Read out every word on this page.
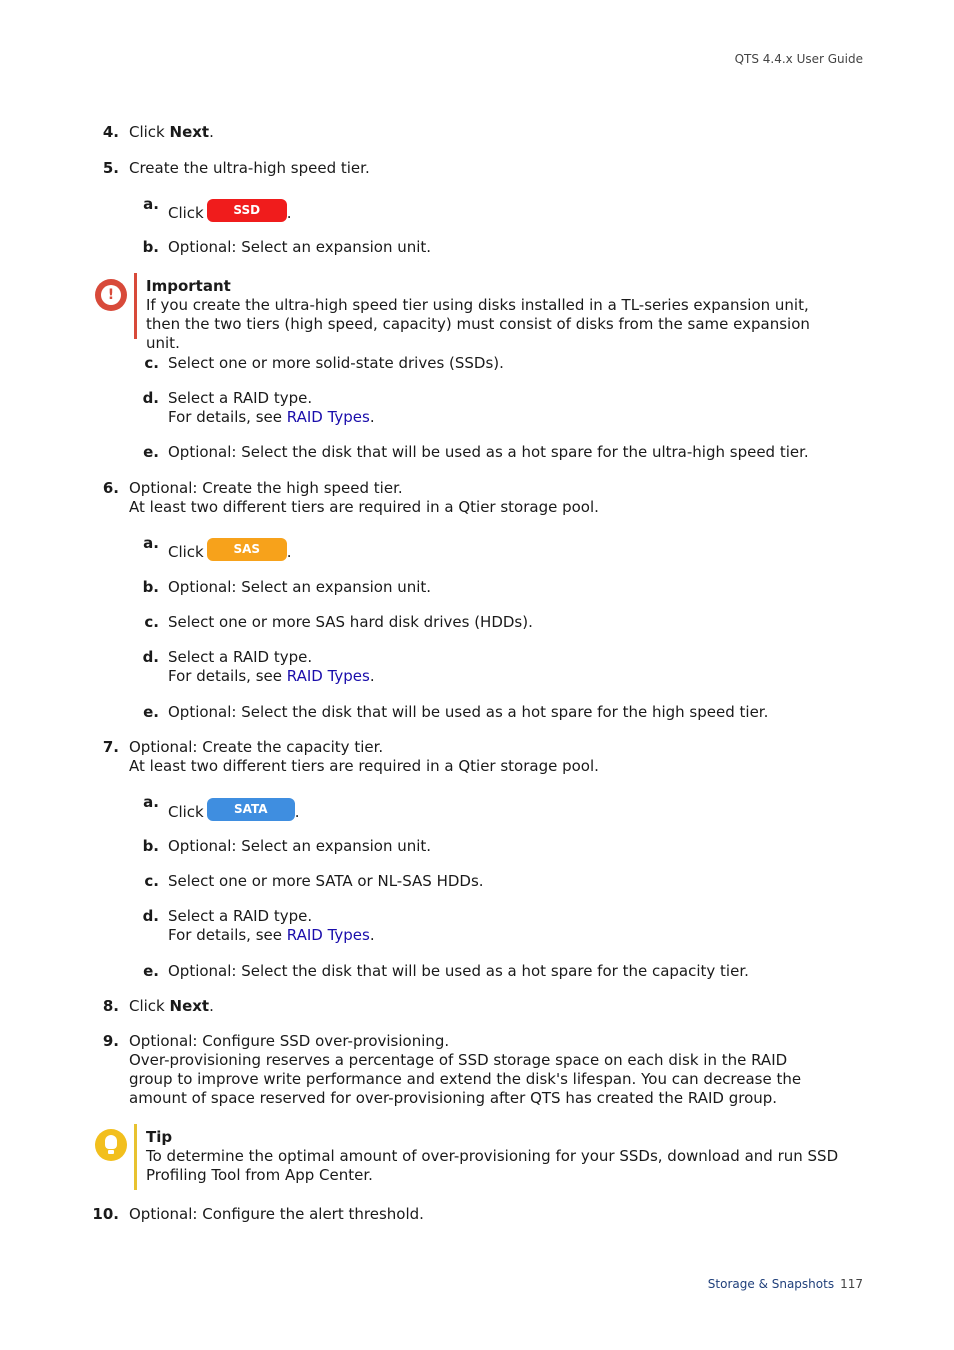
QTS 4.4.x User Guide
4. Click Next.
5. Create the ultra-high speed tier.
a. Click SSD .
b. Optional: Select an expansion unit.
!	Important
If you create the ultra-high speed tier using disks installed in a TL-series expansion unit, then the two tiers (high speed, capacity) must consist of disks from the same expansion unit.
c. Select one or more solid-state drives (SSDs).
d. Select a RAID type.
For details, see RAID Types.
e. Optional: Select the disk that will be used as a hot spare for the ultra-high speed tier.
6. Optional: Create the high speed tier.
At least two different tiers are required in a Qtier storage pool.
a. Click SAS .
b. Optional: Select an expansion unit.
c. Select one or more SAS hard disk drives (HDDs).
d. Select a RAID type.
For details, see RAID Types.
e. Optional: Select the disk that will be used as a hot spare for the high speed tier.
7. Optional: Create the capacity tier.
At least two different tiers are required in a Qtier storage pool.
a.
Click	SATA .
b. Optional: Select an expansion unit.
c. Select one or more SATA or NL-SAS HDDs.
d. Select a RAID type.
For details, see RAID Types.
e. Optional: Select the disk that will be used as a hot spare for the capacity tier.
8. Click Next.
9. Optional: Configure SSD over-provisioning.
Over-provisioning reserves a percentage of SSD storage space on each disk in the RAID group to improve write performance and extend the disk's lifespan. You can decrease the amount of space reserved for over-provisioning after QTS has created the RAID group.
Tip
To determine the optimal amount of over-provisioning for your SSDs, download and run SSD Profiling Tool from App Center.
10. Optional: Configure the alert threshold.
Storage & Snapshots 117
